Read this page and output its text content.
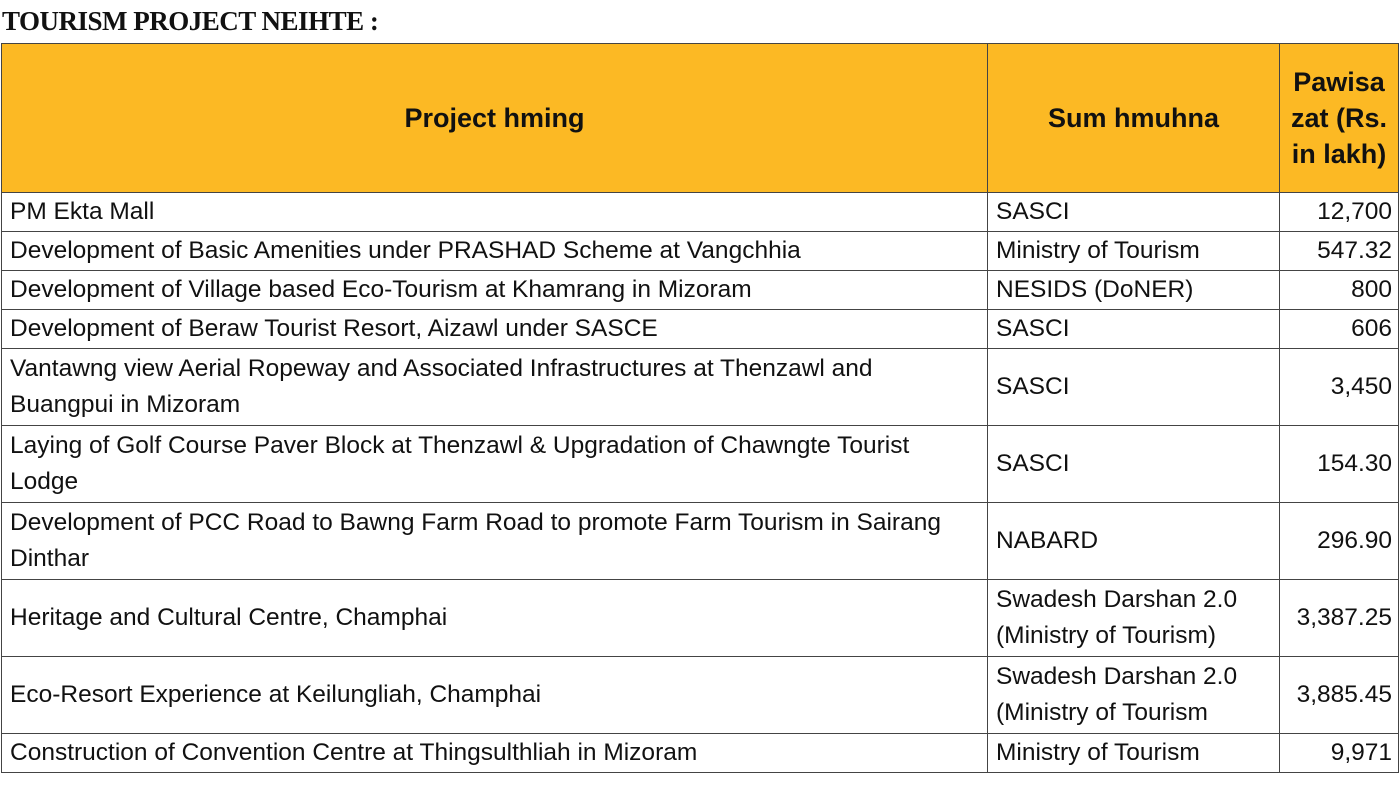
TOURISM PROJECT NEIHTE :
Project hming	Sum hmuhna	Pawisa zat (Rs. in lakh)
PM Ekta Mall	SASCI	12,700
Development of Basic Amenities under PRASHAD Scheme at Vangchhia	Ministry of Tourism	547.32
Development of Village based Eco-Tourism at Khamrang in Mizoram	NESIDS (DoNER)	800
Development of Beraw Tourist Resort, Aizawl under SASCE	SASCI	606
Vantawng view Aerial Ropeway and Associated Infrastructures at Thenzawl and Buangpui in Mizoram	SASCI	3,450
Laying of Golf Course Paver Block at Thenzawl & Upgradation of Chawngte Tourist Lodge	SASCI	154.30
Development of PCC Road to Bawng Farm Road to promote Farm Tourism in Sairang Dinthar	NABARD	296.90
Heritage and Cultural Centre, Champhai	Swadesh Darshan 2.0 (Ministry of Tourism)	3,387.25
Eco-Resort Experience at Keilungliah, Champhai	Swadesh Darshan 2.0 (Ministry of Tourism	3,885.45
Construction of Convention Centre at Thingsulthliah in Mizoram	Ministry of Tourism	9,971
